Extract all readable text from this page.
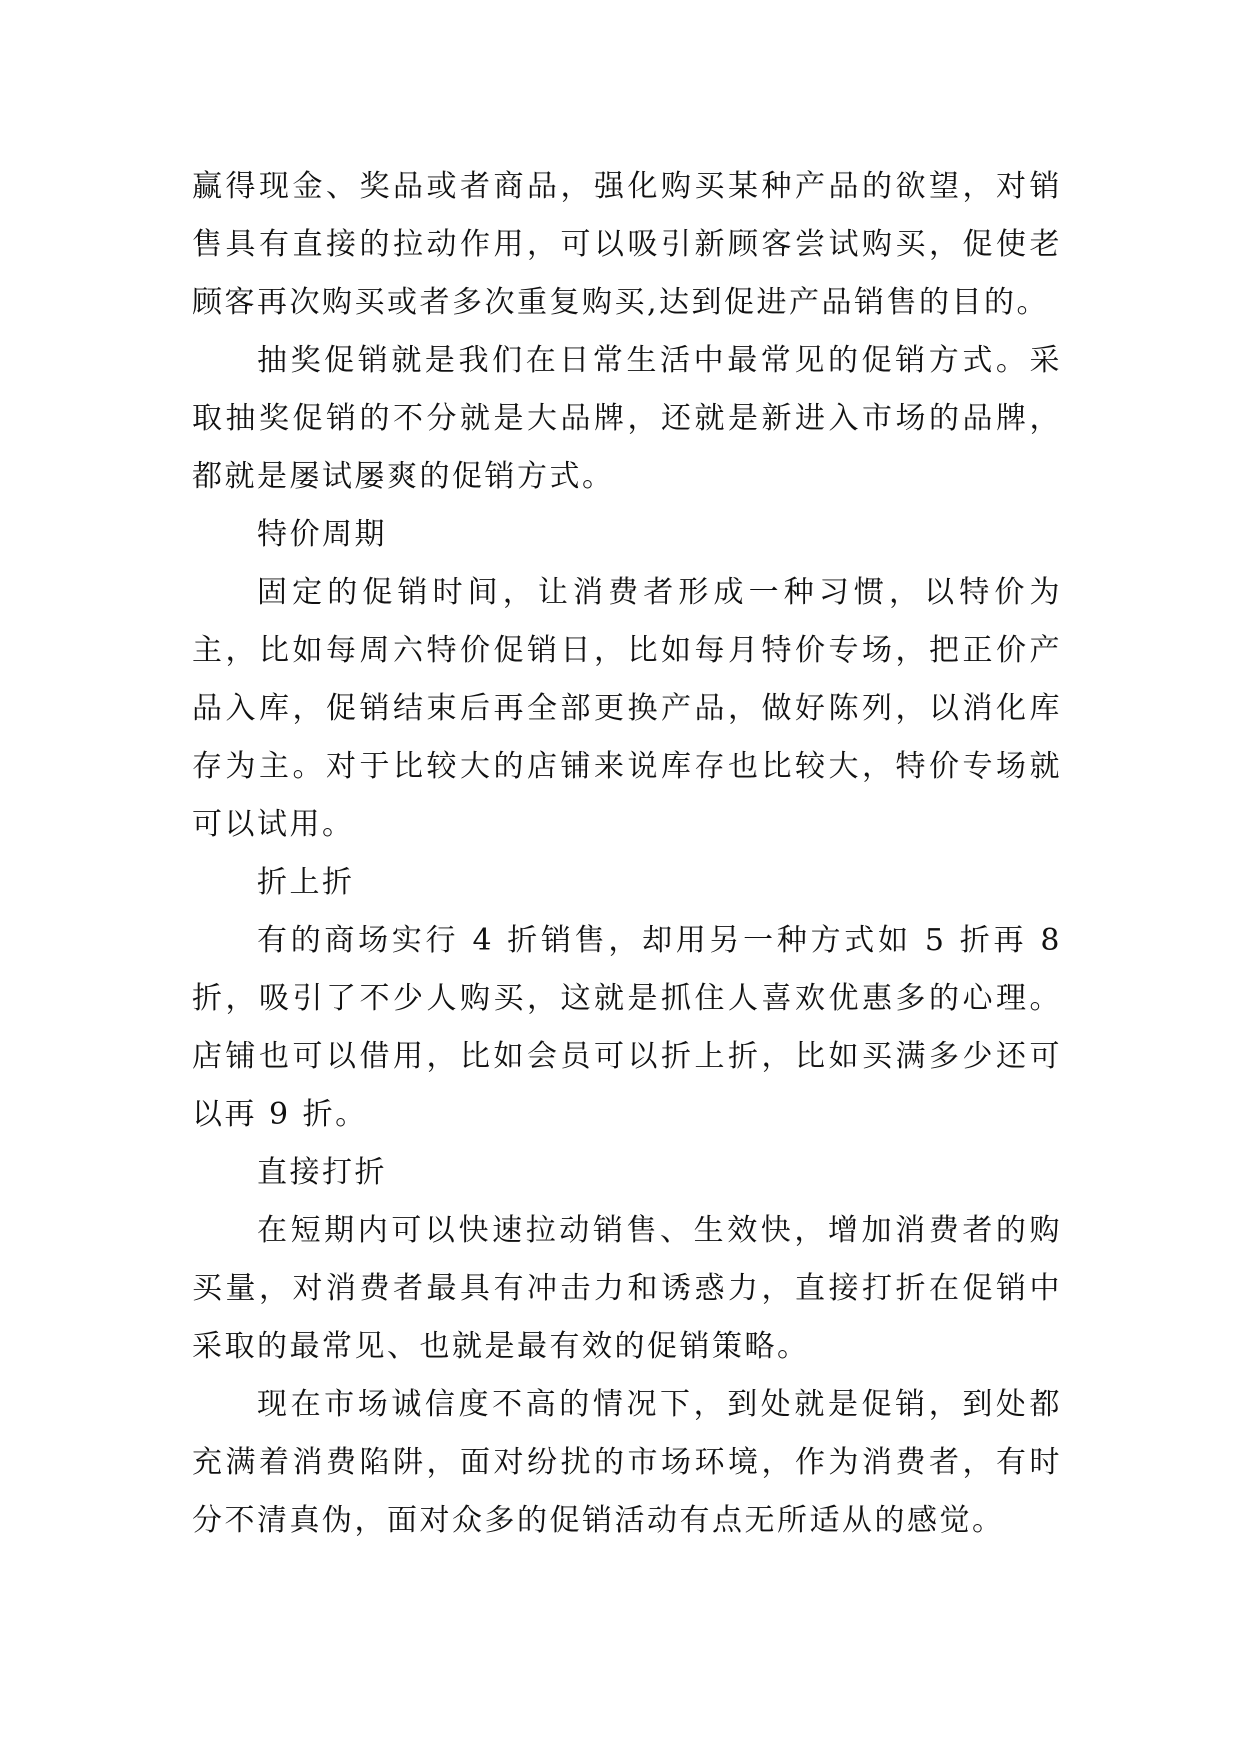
赢得现金、奖品或者商品，强化购买某种产品的欲望，对销售具有直接的拉动作用，可以吸引新顾客尝试购买，促使老顾客再次购买或者多次重复购买,达到促进产品销售的目的。

抽奖促销就是我们在日常生活中最常见的促销方式。采取抽奖促销的不分就是大品牌，还就是新进入市场的品牌，都就是屡试屡爽的促销方式。

特价周期

固定的促销时间，让消费者形成一种习惯，以特价为主，比如每周六特价促销日，比如每月特价专场，把正价产品入库，促销结束后再全部更换产品，做好陈列，以消化库存为主。对于比较大的店铺来说库存也比较大，特价专场就可以试用。

折上折

有的商场实行 4 折销售，却用另一种方式如 5 折再 8 折，吸引了不少人购买，这就是抓住人喜欢优惠多的心理。店铺也可以借用，比如会员可以折上折，比如买满多少还可以再 9 折。

直接打折

在短期内可以快速拉动销售、生效快，增加消费者的购买量，对消费者最具有冲击力和诱惑力，直接打折在促销中采取的最常见、也就是最有效的促销策略。

现在市场诚信度不高的情况下，到处就是促销，到处都充满着消费陷阱，面对纷扰的市场环境，作为消费者，有时分不清真伪，面对众多的促销活动有点无所适从的感觉。
